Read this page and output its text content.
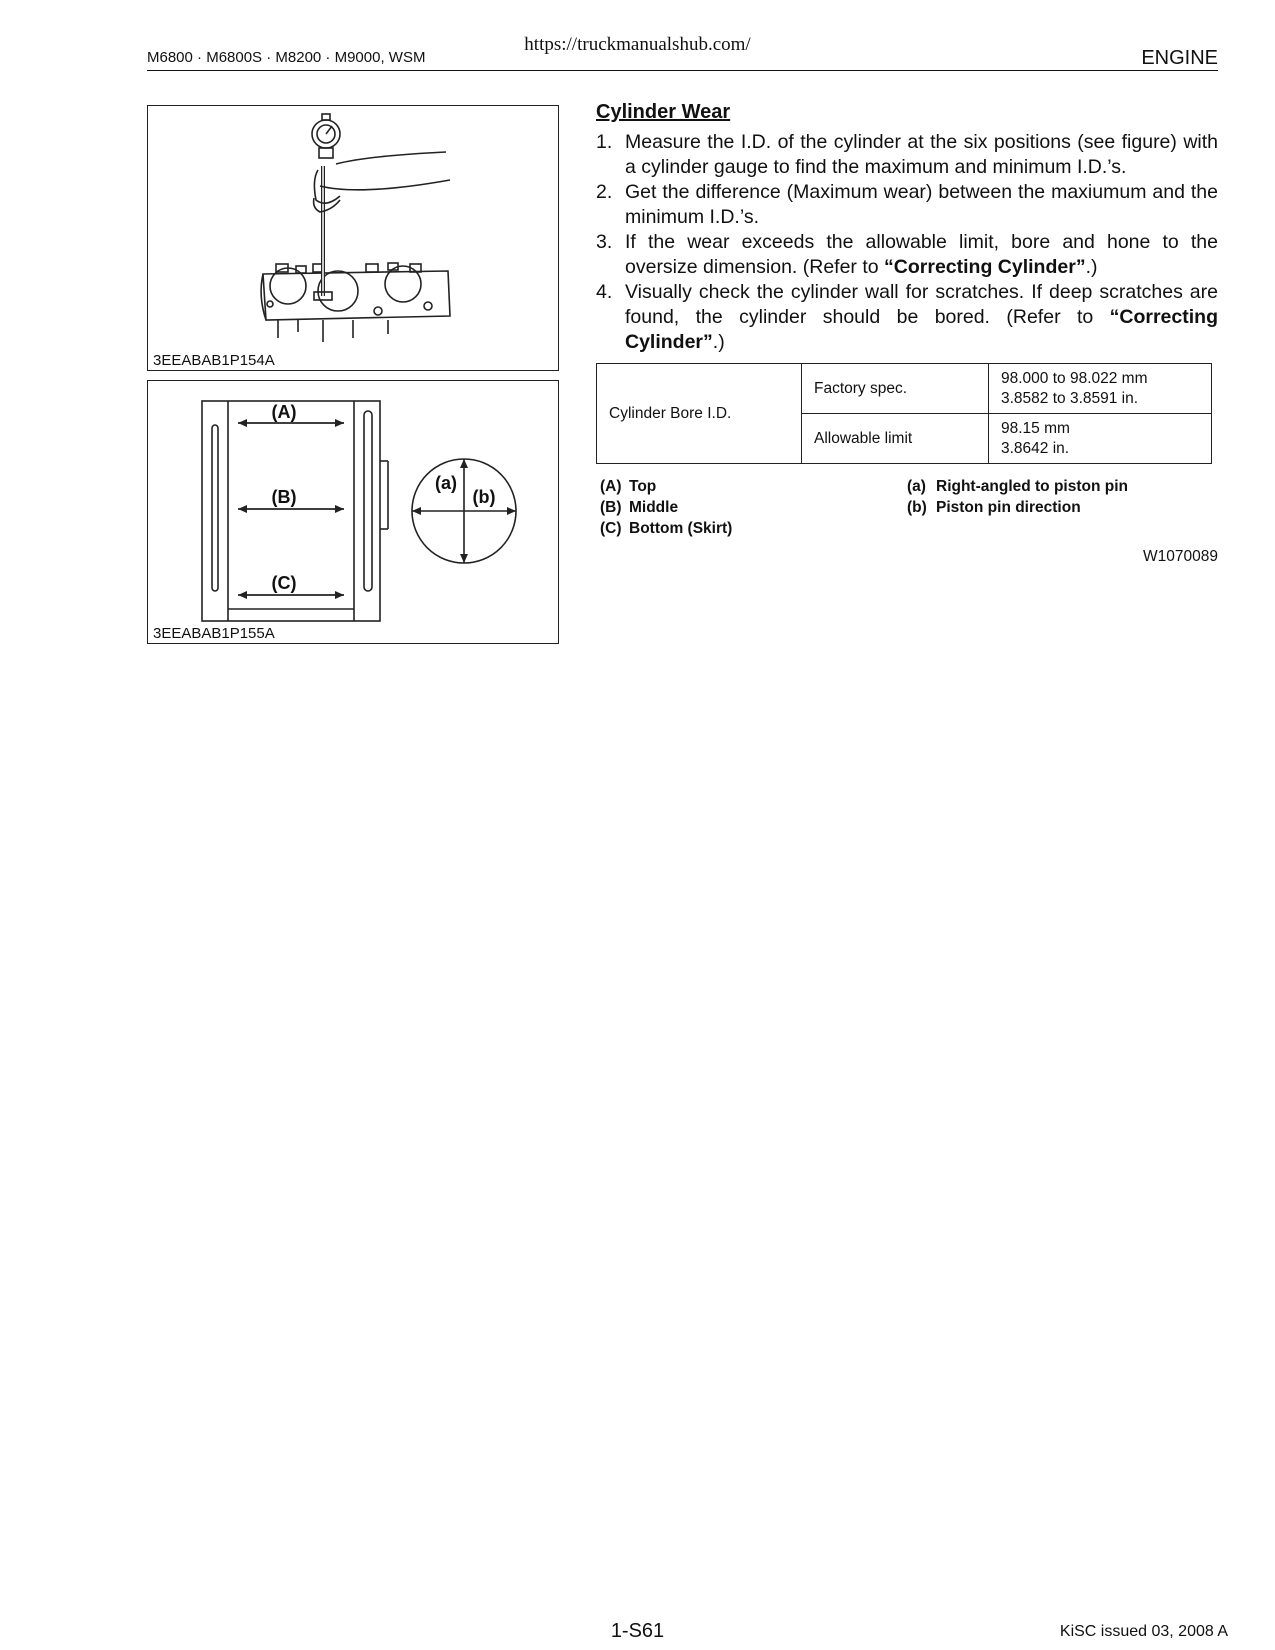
https://truckmanualshub.com/
M6800 · M6800S · M8200 · M9000, WSM	ENGINE
3EEABAB1P154A
(A)
(B)
(C)
(a)
(b)
3EEABAB1P155A
Cylinder Wear
1. Measure the I.D. of the cylinder at the six positions (see figure) with a cylinder gauge to find the maximum and minimum I.D.’s.
2. Get the difference (Maximum wear) between the maxiumum and the minimum I.D.’s.
3. If the wear exceeds the allowable limit, bore and hone to the oversize dimension. (Refer to “Correcting Cylinder”.)
4. Visually check the cylinder wall for scratches. If deep scratches are found, the cylinder should be bored. (Refer to “Correcting Cylinder”.)
Cylinder Bore I.D.	Factory spec.	98.000 to 98.022 mm
3.8582 to 3.8591 in.

	Allowable limit	98.15 mm
3.8642 in.
(A) Top
(B) Middle
(C) Bottom (Skirt)
(a) Right-angled to piston pin
(b) Piston pin direction
W1070089
1-S61	KiSC issued 03, 2008 A
